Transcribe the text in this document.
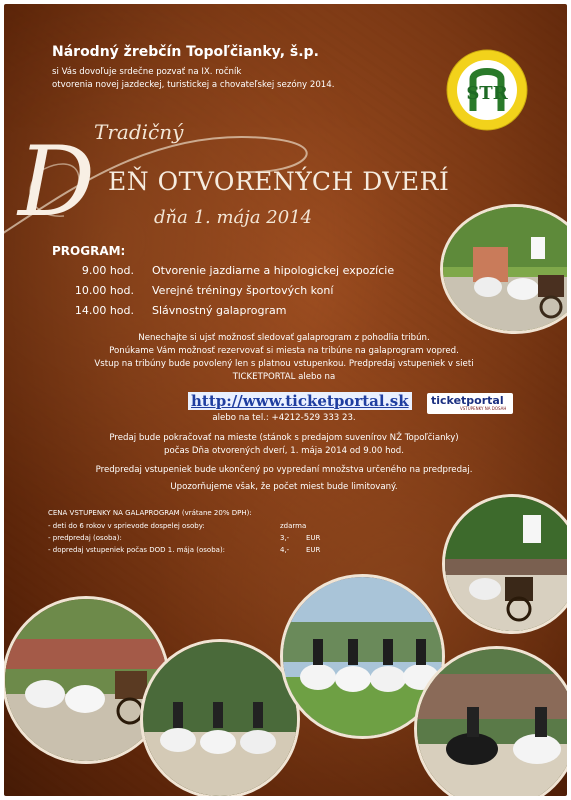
Národný žrebčín Topoľčianky, š.p.
si Vás dovoľuje srdečne pozvať na IX. ročník
otvorenia novej jazdeckej, turistickej a chovateľskej sezóny 2014.	STR
Tradičný
D EŇ OTVORENÝCH DVERÍ
dňa 1. mája 2014
PROGRAM:
9.00 hod.	Otvorenie jazdiarne a hipologickej expozície
10.00 hod.	Verejné tréningy športových koní
14.00 hod.	Slávnostný galaprogram
Nenechajte si ujsť možnosť sledovať galaprogram z pohodlia tribún.
Ponúkame Vám možnosť rezervovať si miesta na tribúne na galaprogram vopred.
Vstup na tribúny bude povolený len s platnou vstupenkou. Predpredaj vstupeniek v sieti
TICKETPORTAL alebo na
http://www.ticketportal.sk ticketportal
VSTUPENKY NA DOSAH
alebo na tel.: +4212-529 333 23.
Predaj bude pokračovať na mieste (stánok s predajom suvenírov NŽ Topoľčianky)
počas Dňa otvorených dverí, 1. mája 2014 od 9.00 hod.
Predpredaj vstupeniek bude ukončený po vypredaní množstva určeného na predpredaj.
Upozorňujeme však, že počet miest bude limitovaný.
CENA VSTUPENKY NA GALAPROGRAM (vrátane 20% DPH):
- deti do 6 rokov v sprievode dospelej osoby:	zdarma
- predpredaj (osoba):	3,- EUR
- dopredaj vstupeniek počas DOD 1. mája (osoba):	4,- EUR
